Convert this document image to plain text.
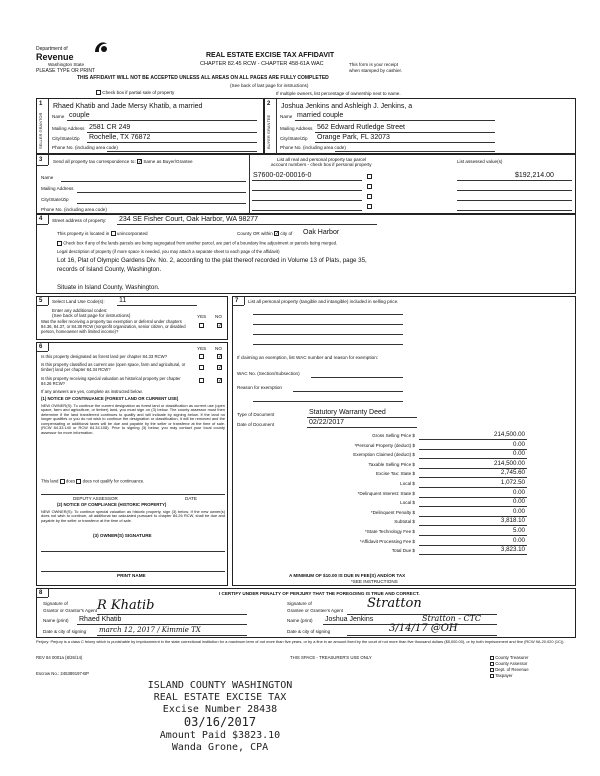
Department of
Revenue
Washington State
PLEASE TYPE OR PRINT
REAL ESTATE EXCISE TAX AFFIDAVIT
CHAPTER 82.45 RCW - CHAPTER 458-61A WAC	This form is your receipt
when stamped by cashier.
THIS AFFIDAVIT WILL NOT BE ACCEPTED UNLESS ALL AREAS ON ALL PAGES ARE FULLY COMPLETED
(See back of last page for instructions)
Check box if partial sale of property	If multiple owners, list percentage of ownership next to name.
1
SELLER GRANTOR
Rhaed Khatib and Jade Mersy Khatib, a married
Name couple
Mailing Address 2581 CR 249
City/State/Zip Rochelle, TX 76872
Phone No. (including area code)
2
BUYER GRANTEE
Joshua Jenkins and Ashleigh J. Jenkins, a
Name married couple
Mailing Address 562 Edward Rutledge Street
City/State/Zip Orange Park, FL 32073
Phone No. (including area code)
3 Send all property tax correspondence to: ✓ Same as Buyer/Grantee
Name
Mailing Address
City/State/Zip
Phone No. (including area code)
List all real and personal property tax parcel
account numbers - check box if personal property
List assessed value(s)
S7600-02-00016-0	$192,214.00
4 Street address of property: 234 SE Fisher Court, Oak Harbor, WA 98277
This property is located in unincorporated	County OR within ✓ city of Oak Harbor
Check box if any of the lands parcels are being segregated from another parcel, are part of a boundary line adjustment or parcels being merged.
Legal description of property (if more space is needed, you may attach a separate sheet to each page of the affidavit)
Lot 16, Plat of Olympic Gardens Div. No. 2, according to the plat thereof recorded in Volume 13 of Plats, page 35,
records of Island County, Washington.
Situate in Island County, Washington.
5 Select Land Use Code(s): 11
Enter any additional codes:
(See back of last page for instructions)	YES NO
Was the seller receiving a property tax exemption or deferral under chapters 84.36, 84.37, or 84.38 RCW (nonprofit organization, senior citizen, or disabled person, homeowner with limited income)?
✓
6	YES NO
Is this property designated as forest land per chapter 84.33 RCW?	✓
Is this property classified as current use (open space, farm and agricultural, or timber) land per chapter 84.34 RCW?	✓
Is this property receiving special valuation as historical property per chapter 84.26 RCW?	✓
If any answers are yes, complete as instructed below.
(1) NOTICE OF CONTINUANCE (FOREST LAND OR CURRENT USE)
NEW OWNER(S): To continue the current designation as forest land or classification as current use (open space, farm and agriculture, or timber) land, you must sign on (3) below. The county assessor must then determine if the land transferred continues to qualify and will indicate by signing below. If the land no longer qualifies or you do not wish to continue the designation or classification, it will be removed and the compensating or additional taxes will be due and payable by the seller or transferor at the time of sale. (RCW 84.33.140 or RCW 84.34.108). Prior to signing (3) below, you may contact your local county assessor for more information.
This land does does not qualify for continuance.
DEPUTY ASSESSOR	DATE
(2) NOTICE OF COMPLIANCE (HISTORIC PROPERTY)
NEW OWNER(S): To continue special valuation as historic property, sign (3) below. If the new owner(s) does not wish to continue, all additional tax calculated pursuant to chapter 84.26 RCW, shall be due and payable by the seller or transferor at the time of sale.
(3) OWNER(S) SIGNATURE
PRINT NAME
7 List all personal property (tangible and intangible) included in selling price.
If claiming an exemption, list WAC number and reason for exemption:
WAC No. (Section/Subsection)
Reason for exemption
Type of Document	Statutory Warranty Deed
Date of Document	02/22/2017
Gross Selling Price $	214,500.00
*Personal Property (deduct) $	0.00
Exemption Claimed (deduct) $	0.00
Taxable Selling Price $	214,500.00
Excise Tax: State $	2,745.60
Local $	1,072.50
*Delinquent Interest: State $	0.00
Local $	0.00
*Delinquent Penalty $	0.00
Subtotal $	3,818.10
*State Technology Fee $	5.00
*Affidavit Processing Fee $	0.00
Total Due $	3,823.10
A MINIMUM OF $10.00 IS DUE IN FEE(S) AND/OR TAX
*SEE INSTRUCTIONS
8	I CERTIFY UNDER PENALTY OF PERJURY THAT THE FOREGOING IS TRUE AND CORRECT.
Signature of
Grantor or Grantor's Agent R Khatib
Name (print) Rhaed Khatib
Date & city of signing march 12, 2017 / Kimmie TX
Signature of
Grantee or Grantee's Agent Stratton
Name (print) Joshua Jenkins	Stratton - CTC
Date & city of signing	3/14/17 @OH
Perjury: Perjury is a class C felony which is punishable by imprisonment in the state correctional institution for a maximum term of not more than five years, or by a fine in an amount fixed by the court of not more than five thousand dollars ($5,000.00), or by both imprisonment and fine (RCW 9A.20.020 (1C)).
REV 84 0001a (8/26/14)	THIS SPACE - TREASURER'S USE ONLY
Escrow No.: 245389197-BP
County Treasurer
County Assessor
Dept. of Revenue
Taxpayer
ISLAND COUNTY WASHINGTON
REAL ESTATE EXCISE TAX
Excise Number 28438
03/16/2017
Amount Paid $3823.10
Wanda Grone, CPA
